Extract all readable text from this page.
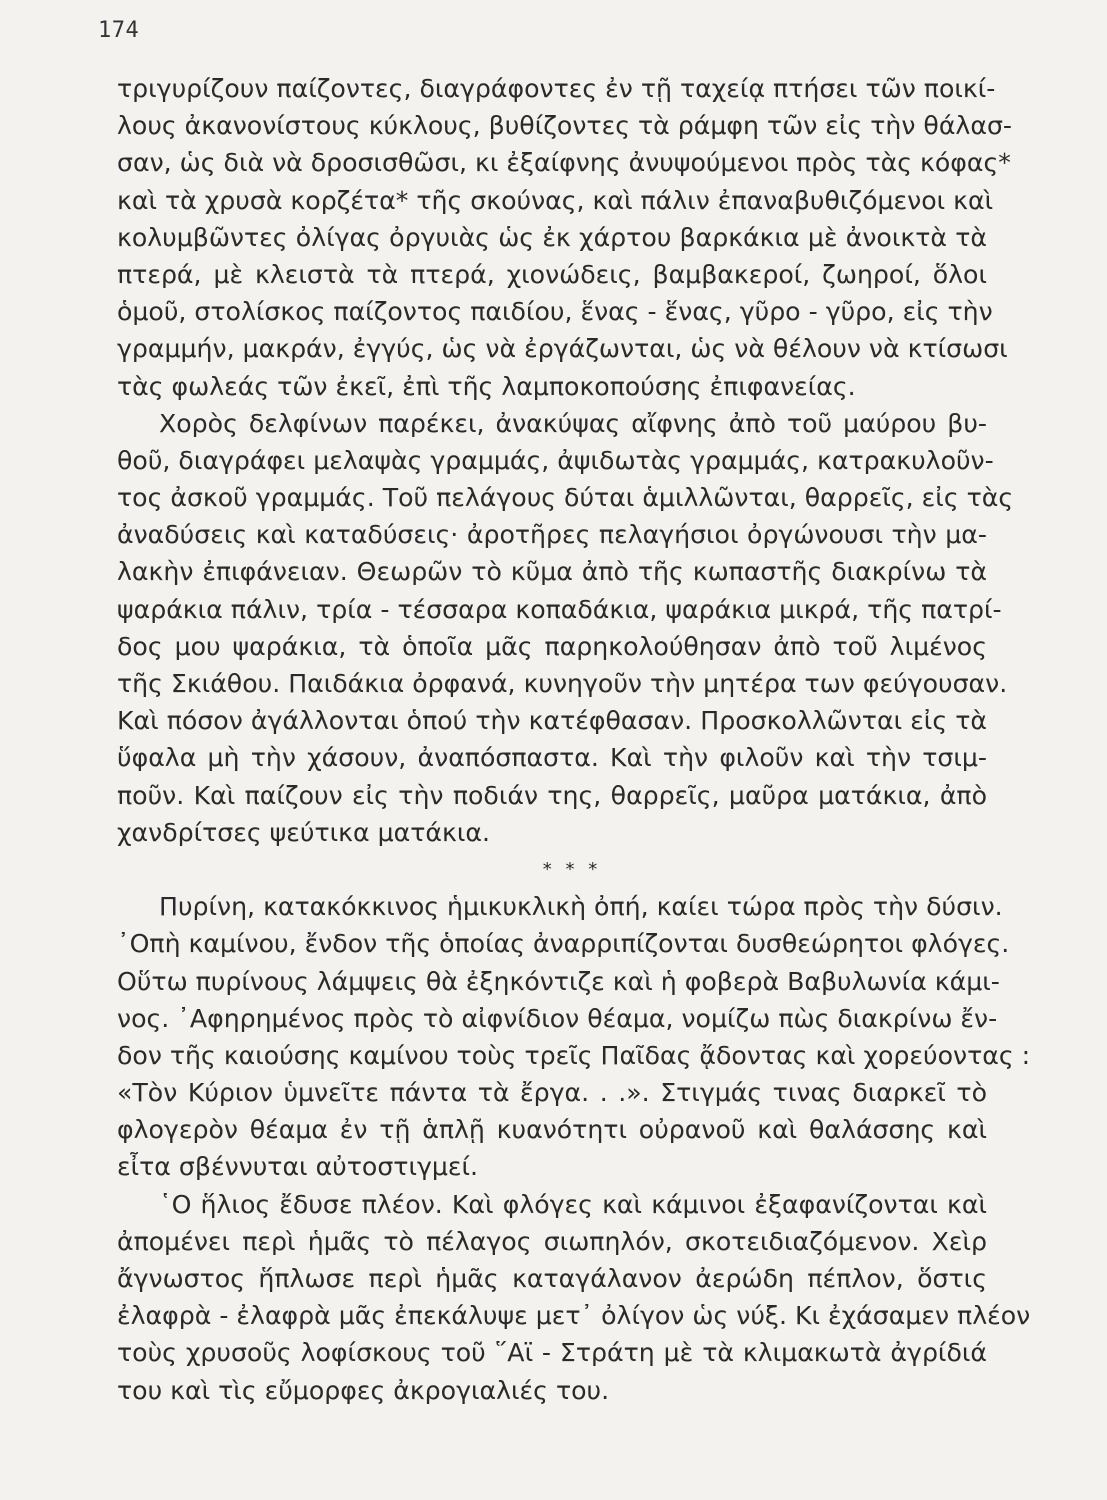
174
τριγυρίζουν παίζοντες, διαγράφοντες ἐν τῇ ταχείᾳ πτήσει τῶν ποικί-
λους ἀκανονίστους κύκλους, βυθίζοντες τὰ ράμφη τῶν εἰς τὴν θάλασ-
σαν, ὡς διὰ νὰ δροσισθῶσι, κι ἐξαίφνης ἀνυψούμενοι πρὸς τὰς κόφας*
καὶ τὰ χρυσὰ κορζέτα* τῆς σκούνας, καὶ πάλιν ἐπαναβυθιζόμενοι καὶ
κολυμβῶντες ὀλίγας ὀργυιὰς ὡς ἐκ χάρτου βαρκάκια μὲ ἀνοικτὰ τὰ
πτερά, μὲ κλειστὰ τὰ πτερά, χιονώδεις, βαμβακεροί, ζωηροί, ὅλοι
ὁμοῦ, στολίσκος παίζοντος παιδίου, ἕνας - ἕνας, γῦρο - γῦρο, εἰς τὴν
γραμμήν, μακράν, ἐγγύς, ὡς νὰ ἐργάζωνται, ὡς νὰ θέλουν νὰ κτίσωσι
τὰς φωλεάς τῶν ἐκεῖ, ἐπὶ τῆς λαμποκοπούσης ἐπιφανείας.
Χορὸς δελφίνων παρέκει, ἀνακύψας αἴφνης ἀπὸ τοῦ μαύρου βυ-
θοῦ, διαγράφει μελαψὰς γραμμάς, ἀψιδωτὰς γραμμάς, κατρακυλοῦν-
τος ἀσκοῦ γραμμάς. Τοῦ πελάγους δύται ἁμιλλῶνται, θαρρεῖς, εἰς τὰς
ἀναδύσεις καὶ καταδύσεις· ἀροτῆρες πελαγήσιοι ὀργώνουσι τὴν μα-
λακὴν ἐπιφάνειαν. Θεωρῶν τὸ κῦμα ἀπὸ τῆς κωπαστῆς διακρίνω τὰ
ψαράκια πάλιν, τρία - τέσσαρα κοπαδάκια, ψαράκια μικρά, τῆς πατρί-
δος μου ψαράκια, τὰ ὁποῖα μᾶς παρηκολούθησαν ἀπὸ τοῦ λιμένος
τῆς Σκιάθου. Παιδάκια ὀρφανά, κυνηγοῦν τὴν μητέρα των φεύγουσαν.
Καὶ πόσον ἀγάλλονται ὁπού τὴν κατέφθασαν. Προσκολλῶνται εἰς τὰ
ὕφαλα μὴ τὴν χάσουν, ἀναπόσπαστα. Καὶ τὴν φιλοῦν καὶ τὴν τσιμ-
ποῦν. Καὶ παίζουν εἰς τὴν ποδιάν της, θαρρεῖς, μαῦρα ματάκια, ἀπὸ
χανδρίτσες ψεύτικα ματάκια.
* * *
Πυρίνη, κατακόκκινος ἡμικυκλικὴ ὀπή, καίει τώρα πρὸς τὴν δύσιν.
᾿Οπὴ καμίνου, ἔνδον τῆς ὁποίας ἀναρριπίζονται δυσθεώρητοι φλόγες.
Οὕτω πυρίνους λάμψεις θὰ ἐξηκόντιζε καὶ ἡ φοβερὰ Βαβυλωνία κάμι-
νος. ᾿Αφηρημένος πρὸς τὸ αἰφνίδιον θέαμα, νομίζω πὼς διακρίνω ἔν-
δον τῆς καιούσης καμίνου τοὺς τρεῖς Παῖδας ᾄδοντας καὶ χορεύοντας :
«Τὸν Κύριον ὑμνεῖτε πάντα τὰ ἔργα. . .». Στιγμάς τινας διαρκεῖ τὸ
φλογερὸν θέαμα ἐν τῇ ἁπλῇ κυανότητι οὐρανοῦ καὶ θαλάσσης καὶ
εἶτα σβέννυται αὐτοστιγμεί.
῾Ο ἥλιος ἔδυσε πλέον. Καὶ φλόγες καὶ κάμινοι ἐξαφανίζονται καὶ
ἀπομένει περὶ ἡμᾶς τὸ πέλαγος σιωπηλόν, σκοτειδιαζόμενον. Χεὶρ
ἄγνωστος ἥπλωσε περὶ ἡμᾶς καταγάλανον ἀερώδη πέπλον, ὅστις
ἐλαφρὰ - ἐλαφρὰ μᾶς ἐπεκάλυψε μετ᾿ ὀλίγον ὡς νύξ. Κι ἐχάσαμεν πλέον
τοὺς χρυσοῦς λοφίσκους τοῦ ῞Αϊ - Στράτη μὲ τὰ κλιμακωτὰ ἀγρίδιά
του καὶ τὶς εὔμορφες ἀκρογιαλιές του.
